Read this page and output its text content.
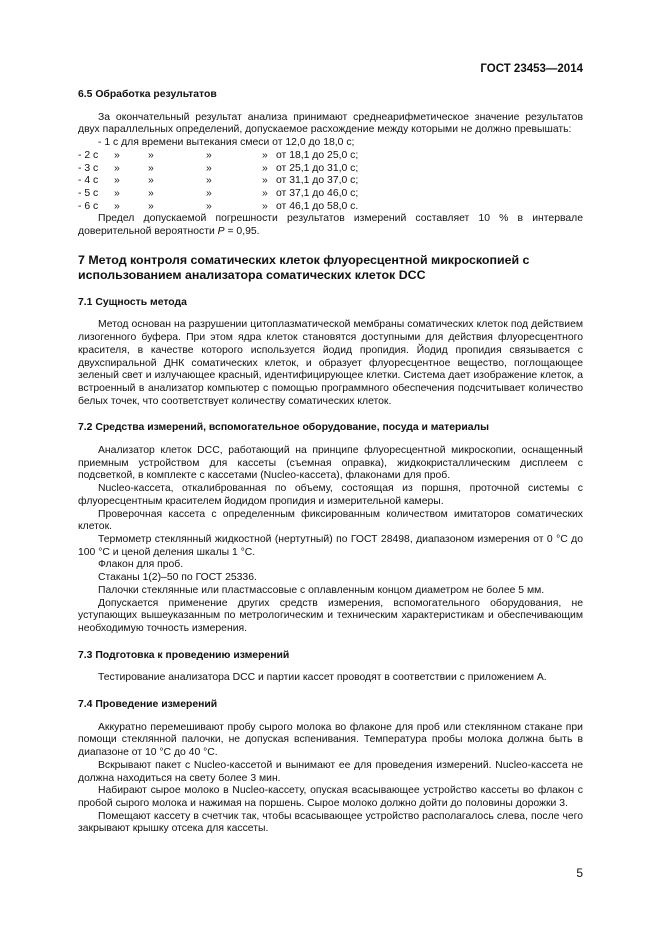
ГОСТ 23453—2014

6.5 Обработка результатов

За окончательный результат анализа принимают среднеарифметическое значение результатов двух параллельных определений, допускаемое расхождение между которыми не должно превышать:

- 1 с для времени вытекания смеси от 12,0 до 18,0 с;

- 2 с	»	»	»	» от 18,1 до 25,0 с;
- 3 с	»	»	»	» от 25,1 до 31,0 с;
- 4 с	»	»	»	» от 31,1 до 37,0 с;
- 5 с	»	»	»	» от 37,1 до 46,0 с;
- 6 с	»	»	»	» от 46,1 до 58,0 с.

Предел допускаемой погрешности результатов измерений составляет 10 % в интервале доверительной вероятности P = 0,95.

7 Метод контроля соматических клеток флуоресцентной микроскопией с использованием анализатора соматических клеток DCC

7.1 Сущность метода

Метод основан на разрушении цитоплазматической мембраны соматических клеток под действием лизогенного буфера. При этом ядра клеток становятся доступными для действия флуоресцентного красителя, в качестве которого используется йодид пропидия. Йодид пропидия связывается с двухспиральной ДНК соматических клеток, и образует флуоресцентное вещество, поглощающее зеленый свет и излучающее красный, идентифицирующее клетки. Система дает изображение клеток, а встроенный в анализатор компьютер с помощью программного обеспечения подсчитывает количество белых точек, что соответствует количеству соматических клеток.

7.2 Средства измерений, вспомогательное оборудование, посуда и материалы

Анализатор клеток DCC, работающий на принципе флуоресцентной микроскопии, оснащенный приемным устройством для кассеты (съемная оправка), жидкокристаллическим дисплеем с подсветкой, в комплекте с кассетами (Nucleo-кассета), флаконами для проб.

Nucleo-кассета, откалиброванная по объему, состоящая из поршня, проточной системы с флуоресцентным красителем йодидом пропидия и измерительной камеры.

Проверочная кассета с определенным фиксированным количеством имитаторов соматических клеток.

Термометр стеклянный жидкостной (нертутный) по ГОСТ 28498, диапазоном измерения от 0 °С до 100 °С и ценой деления шкалы 1 °С.

Флакон для проб.

Стаканы 1(2)–50 по ГОСТ 25336.

Палочки стеклянные или пластмассовые с оплавленным концом диаметром не более 5 мм.

Допускается применение других средств измерения, вспомогательного оборудования, не уступающих вышеуказанным по метрологическим и техническим характеристикам и обеспечивающим необходимую точность измерения.

7.3 Подготовка к проведению измерений

Тестирование анализатора DCC и партии кассет проводят в соответствии с приложением А.

7.4 Проведение измерений

Аккуратно перемешивают пробу сырого молока во флаконе для проб или стеклянном стакане при помощи стеклянной палочки, не допуская вспенивания. Температура пробы молока должна быть в диапазоне от 10 °С до 40 °С.

Вскрывают пакет с Nucleo-кассетой и вынимают ее для проведения измерений. Nucleo-кассета не должна находиться на свету более 3 мин.

Набирают сырое молоко в Nucleo-кассету, опуская всасывающее устройство кассеты во флакон с пробой сырого молока и нажимая на поршень. Сырое молоко должно дойти до половины дорожки 3.

Помещают кассету в счетчик так, чтобы всасывающее устройство располагалось слева, после чего закрывают крышку отсека для кассеты.

5
